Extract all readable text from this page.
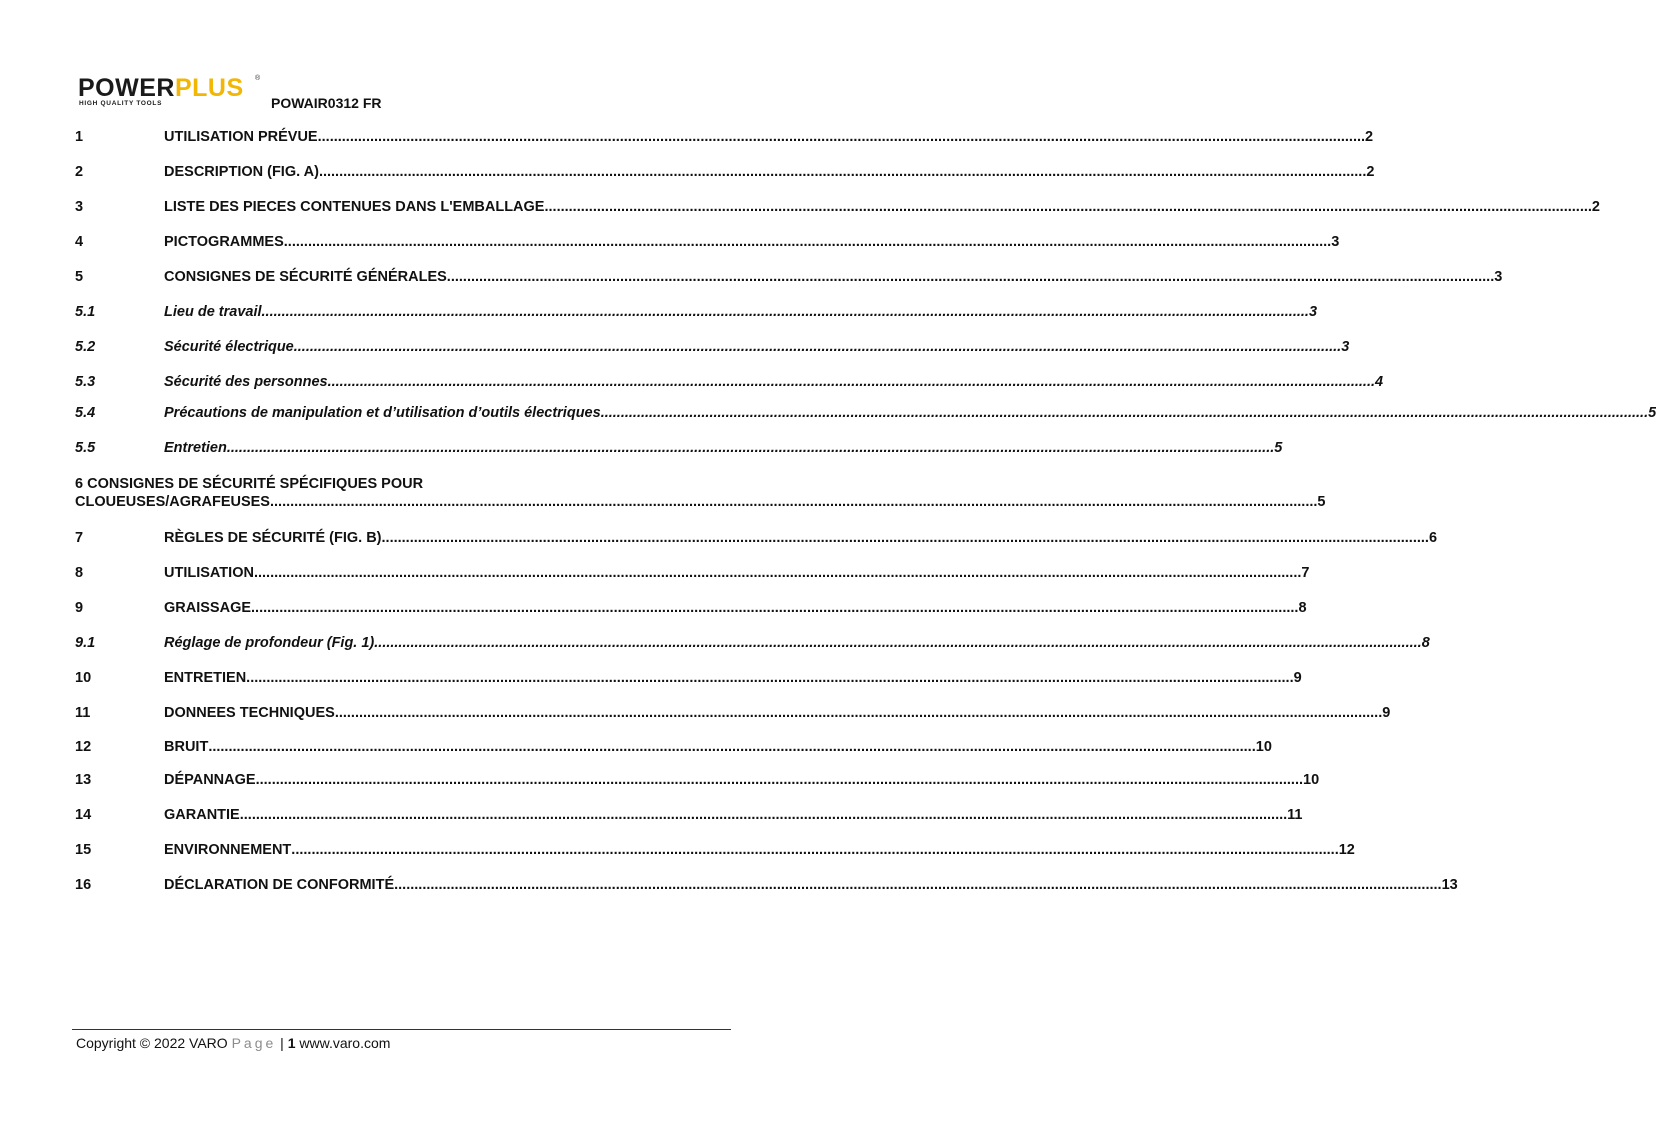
POWERPLUS ®
HIGH QUALITY TOOLS	POWAIR0312 FR
1	UTILISATION PRÉVUE .................................................................................................................................................................................................................................................................... 2
2	DESCRIPTION (FIG. A) .................................................................................................................................................................................................................................................................... 2
3	LISTE DES PIECES CONTENUES DANS L'EMBALLAGE .................................................................................................................................................................................................................................................................... 2
4	PICTOGRAMMES .................................................................................................................................................................................................................................................................... 3
5	CONSIGNES DE SÉCURITÉ GÉNÉRALES .................................................................................................................................................................................................................................................................... 3
5.1	Lieu de travail .................................................................................................................................................................................................................................................................... 3
5.2	Sécurité électrique .................................................................................................................................................................................................................................................................... 3
5.3	Sécurité des personnes .................................................................................................................................................................................................................................................................... 4
5.4	Précautions de manipulation et d’utilisation d’outils électriques .................................................................................................................................................................................................................................................................... 5
5.5	Entretien .................................................................................................................................................................................................................................................................... 5
6 CONSIGNES DE SÉCURITÉ SPÉCIFIQUES POUR
CLOUEUSES/AGRAFEUSES .................................................................................................................................................................................................................................................................... 5
7	RÈGLES DE SÉCURITÉ (FIG. B) .................................................................................................................................................................................................................................................................... 6
8	UTILISATION .................................................................................................................................................................................................................................................................... 7
9	GRAISSAGE .................................................................................................................................................................................................................................................................... 8
9.1	Réglage de profondeur (Fig. 1) .................................................................................................................................................................................................................................................................... 8
10	ENTRETIEN .................................................................................................................................................................................................................................................................... 9
11	DONNEES TECHNIQUES .................................................................................................................................................................................................................................................................... 9
12	BRUIT .................................................................................................................................................................................................................................................................... 10
13	DÉPANNAGE .................................................................................................................................................................................................................................................................... 10
14	GARANTIE .................................................................................................................................................................................................................................................................... 11
15	ENVIRONNEMENT .................................................................................................................................................................................................................................................................... 12
16	DÉCLARATION DE CONFORMITÉ .................................................................................................................................................................................................................................................................... 13
Copyright © 2022 VARO Page | 1 www.varo.com
